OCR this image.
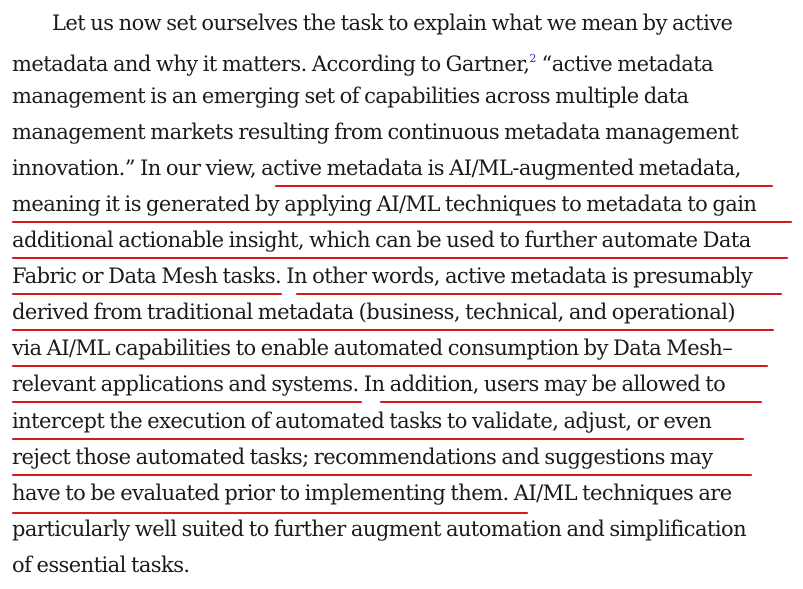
Let us now set ourselves the task to explain what we mean by active
metadata and why it matters. According to Gartner,$^2$ “active metadata
management is an emerging set of capabilities across multiple data
management markets resulting from continuous metadata management
innovation.” In our view, active metadata is AI/ML-augmented metadata,
meaning it is generated by applying AI/ML techniques to metadata to gain
additional actionable insight, which can be used to further automate Data
Fabric or Data Mesh tasks. In other words, active metadata is presumably
derived from traditional metadata (business, technical, and operational)
via AI/ML capabilities to enable automated consumption by Data Mesh–
relevant applications and systems. In addition, users may be allowed to
intercept the execution of automated tasks to validate, adjust, or even
reject those automated tasks; recommendations and suggestions may
have to be evaluated prior to implementing them. AI/ML techniques are
particularly well suited to further augment automation and simplification
of essential tasks.
